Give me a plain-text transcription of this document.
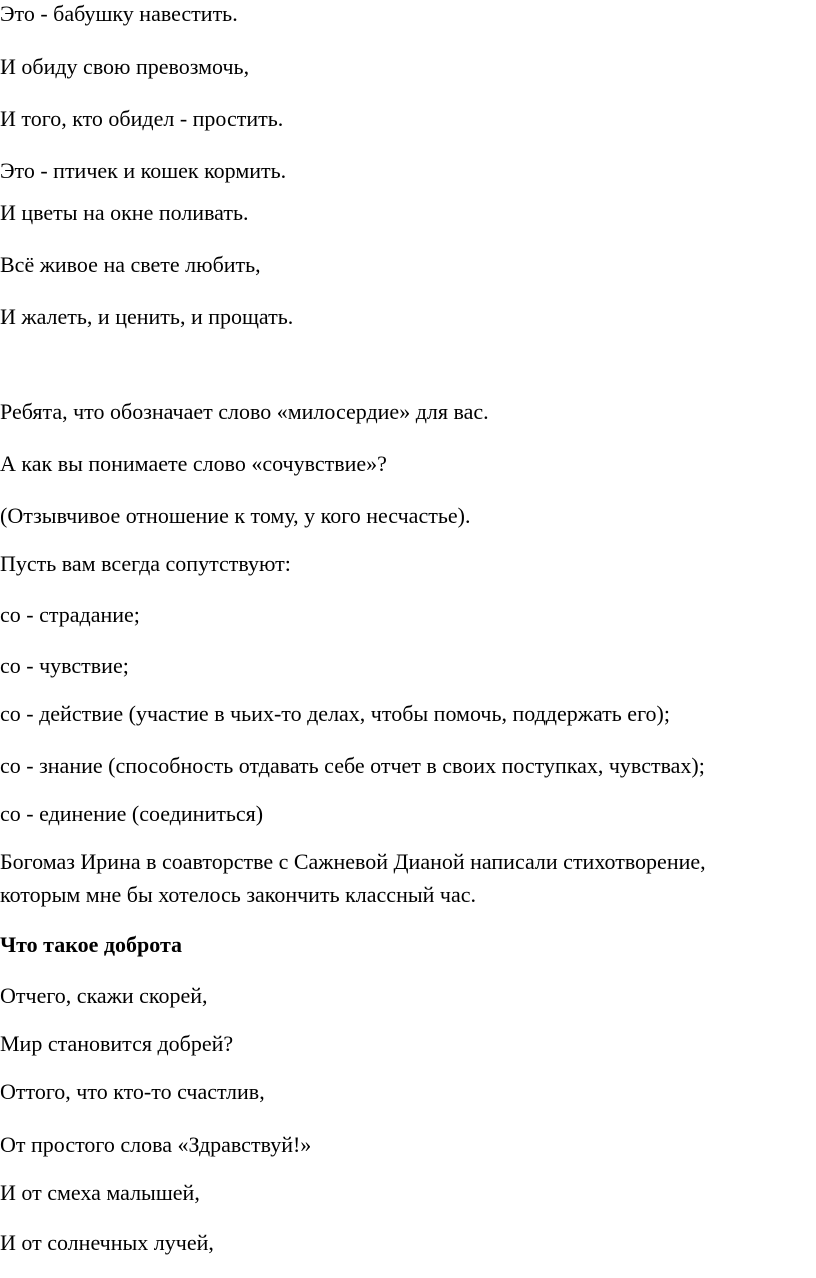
Это - бабушку навестить.

И обиду свою превозмочь,

И того, кто обидел - простить.

Это - птичек и кошек кормить.

И цветы на окне поливать.

Всё живое на свете любить,

И жалеть, и ценить, и прощать.

Ребята, что обозначает слово «милосердие» для вас.

А как вы понимаете слово «сочувствие»?

(Отзывчивое отношение к тому, у кого несчастье).

Пусть вам всегда сопутствуют:

со - страдание;

со - чувствие;

со - действие (участие в чьих-то делах, чтобы помочь, поддержать его);

со - знание (способность отдавать себе отчет в своих поступках, чувствах);

со - единение (соединиться)

Богомаз Ирина в соавторстве с Сажневой Дианой написали стихотворение,

которым мне бы хотелось закончить классный час.

Что такое доброта

Отчего, скажи скорей,

Мир становится добрей?

Оттого, что кто-то счастлив,

От простого слова «Здравствуй!»

И от смеха малышей,

И от солнечных лучей,
